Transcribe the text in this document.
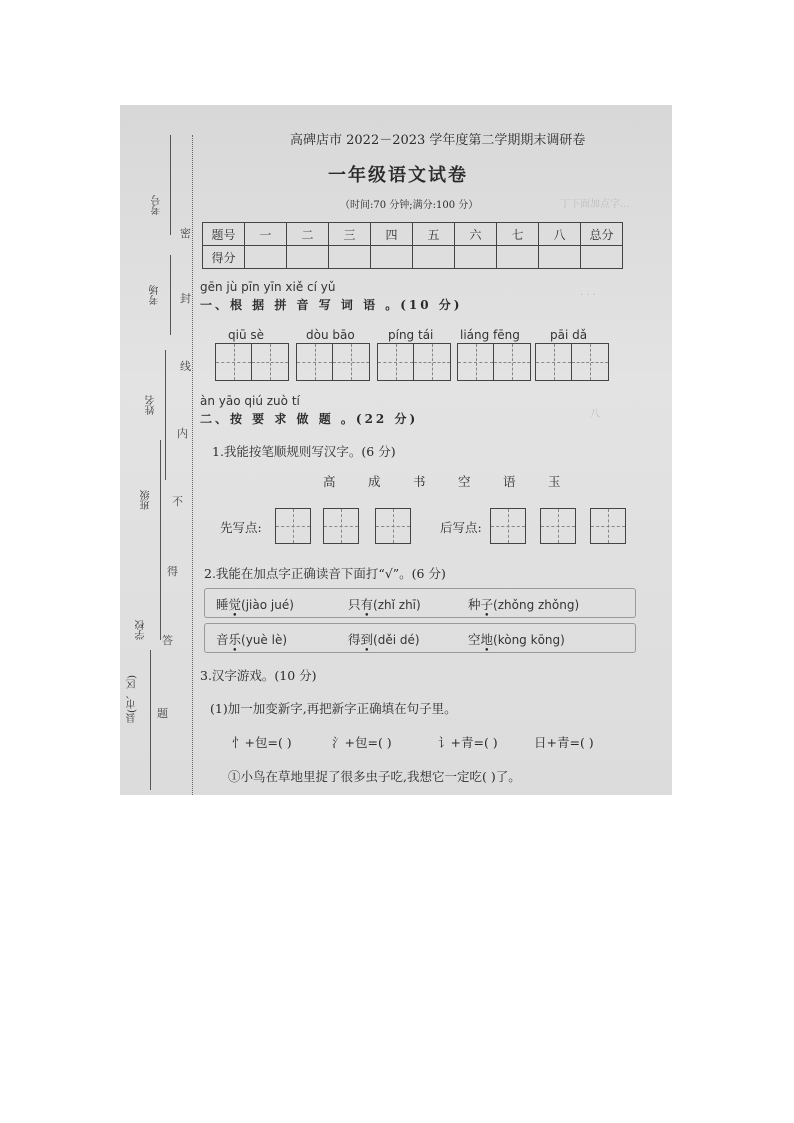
考号
考场
姓名
班级
学校
县(市、区)
密
封
线
内
不
得
答
题
丁下面加点字...
· · ·
八
高碑店市 2022－2023 学年度第二学期期末调研卷
一年级语文试卷
（时间:70 分钟;满分:100 分）
题号	一	二	三	四	五	六	七	八	总分
得分									
gēn jù pīn yīn xiě cí yǔ
一、根 据 拼 音 写 词 语 。(10 分)
qiū sè	dòu bāo	píng tái liáng fēng	pāi dǎ
àn yāo qiú zuò tí
二、按 要 求 做 题 。(22 分)
1.我能按笔顺规则写汉字。(6 分)
高	成	书	空	语	玉
先写点:	后写点:
2.我能在加点字正确读音下面打“√”。(6 分)
睡觉(jiào jué)	只有(zhǐ zhī)	种子(zhǒng zhǒng)
音乐(yuè lè)	得到(děi dé)	空地(kòng kōng)
3.汉字游戏。(10 分)
(1)加一加变新字,再把新字正确填在句子里。
忄+包=( )	氵+包=( )	讠+青=( )	日+青=( )
①小鸟在草地里捉了很多虫子吃,我想它一定吃( )了。
